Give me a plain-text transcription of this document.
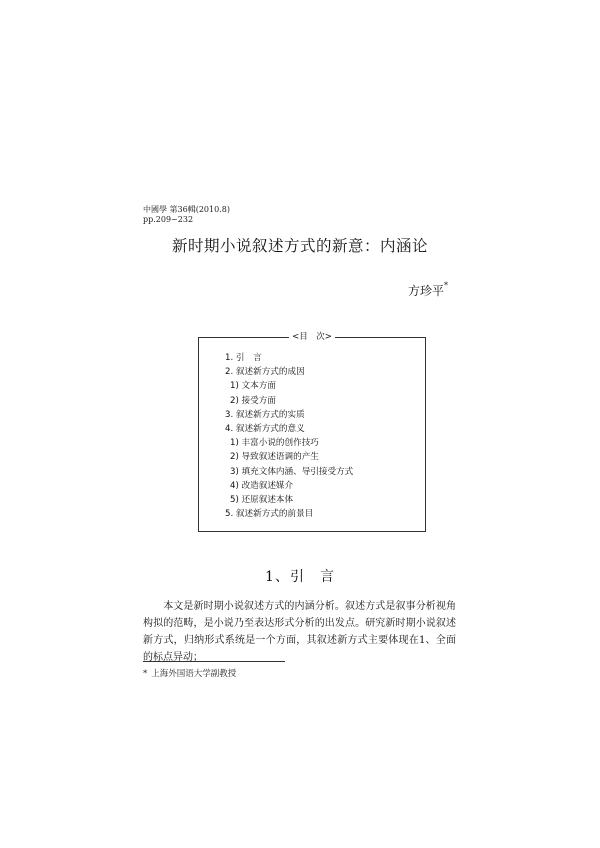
中國學 第36輯(2010.8)
pp.209~232
新时期小说叙述方式的新意：内涵论
方珍平*
<目　次>
1. 引　言
2. 叙述新方式的成因
1) 文本方面
2) 接受方面
3. 叙述新方式的实质
4. 叙述新方式的意义
1) 丰富小说的创作技巧
2) 导致叙述语调的产生
3) 填充文体内涵、导引接受方式
4) 改造叙述媒介
5) 还原叙述本体
5. 叙述新方式的前景目
1、引　言

　　本文是新时期小说叙述方式的内涵分析。叙述方式是叙事分析视角构拟的范畴，是小说乃至表达形式分析的出发点。研究新时期小说叙述新方式，归纳形式系统是一个方面，其叙述新方式主要体现在1、全面的标点异动；

* 上海外国语大学副教授
